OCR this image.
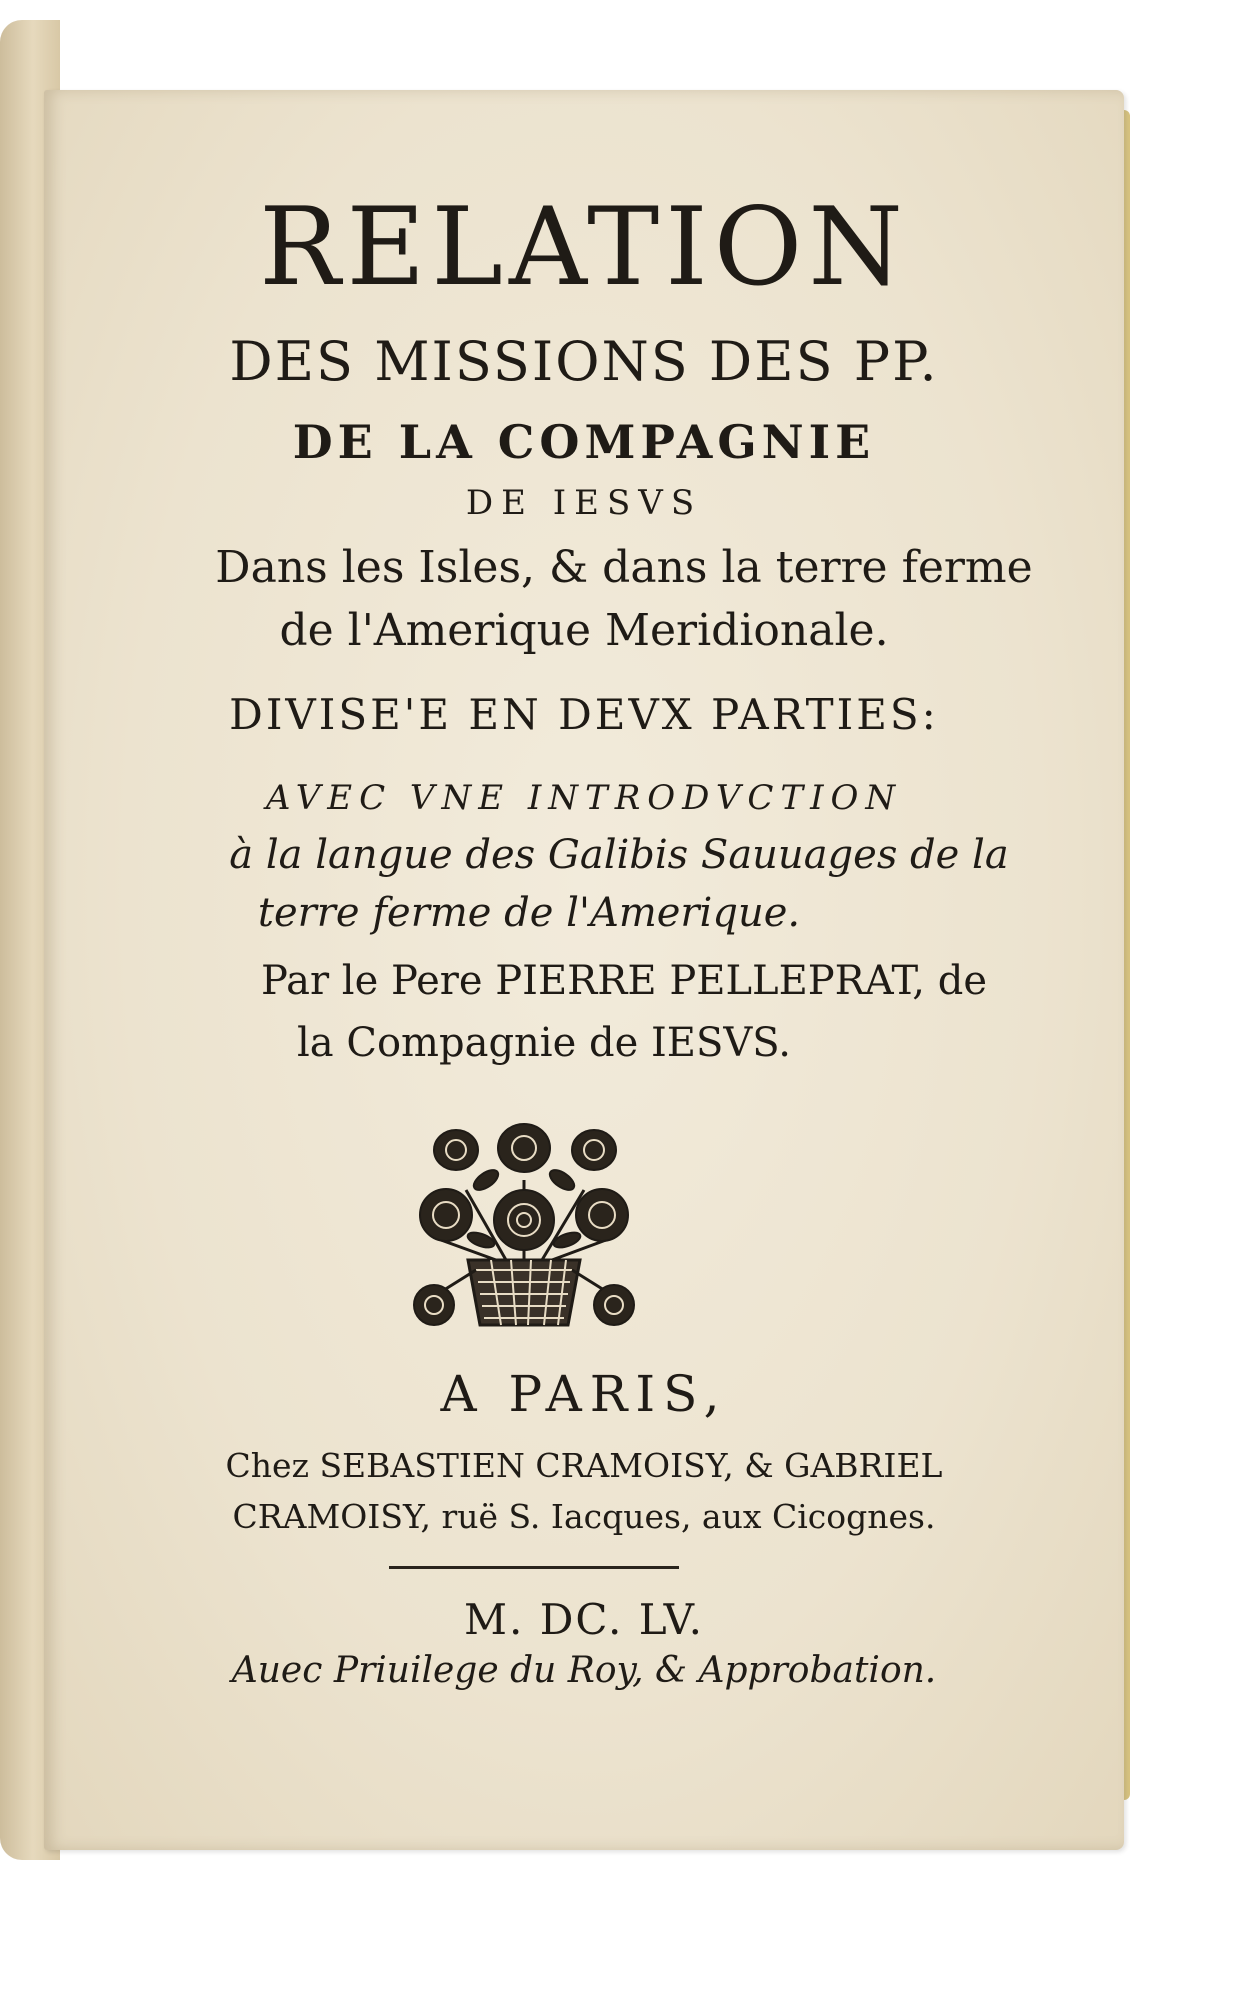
RELATION

DES MISSIONS DES PP.

DE LA COMPAGNIE

DE IESVS

Dans les Isles, & dans la terre ferme

de l'Amerique Meridionale.

DIVISE'E EN DEVX PARTIES:

AVEC VNE INTRODVCTION

à la langue des Galibis Sauuages de la

terre ferme de l'Amerique.

Par le Pere PIERRE PELLEPRAT, de

la Compagnie de IESVS.

A PARIS,

Chez SEBASTIEN CRAMOISY, & GABRIEL

CRAMOISY, ruë S. Iacques, aux Cicognes.

M. DC. LV.

Auec Priuilege du Roy, & Approbation.
